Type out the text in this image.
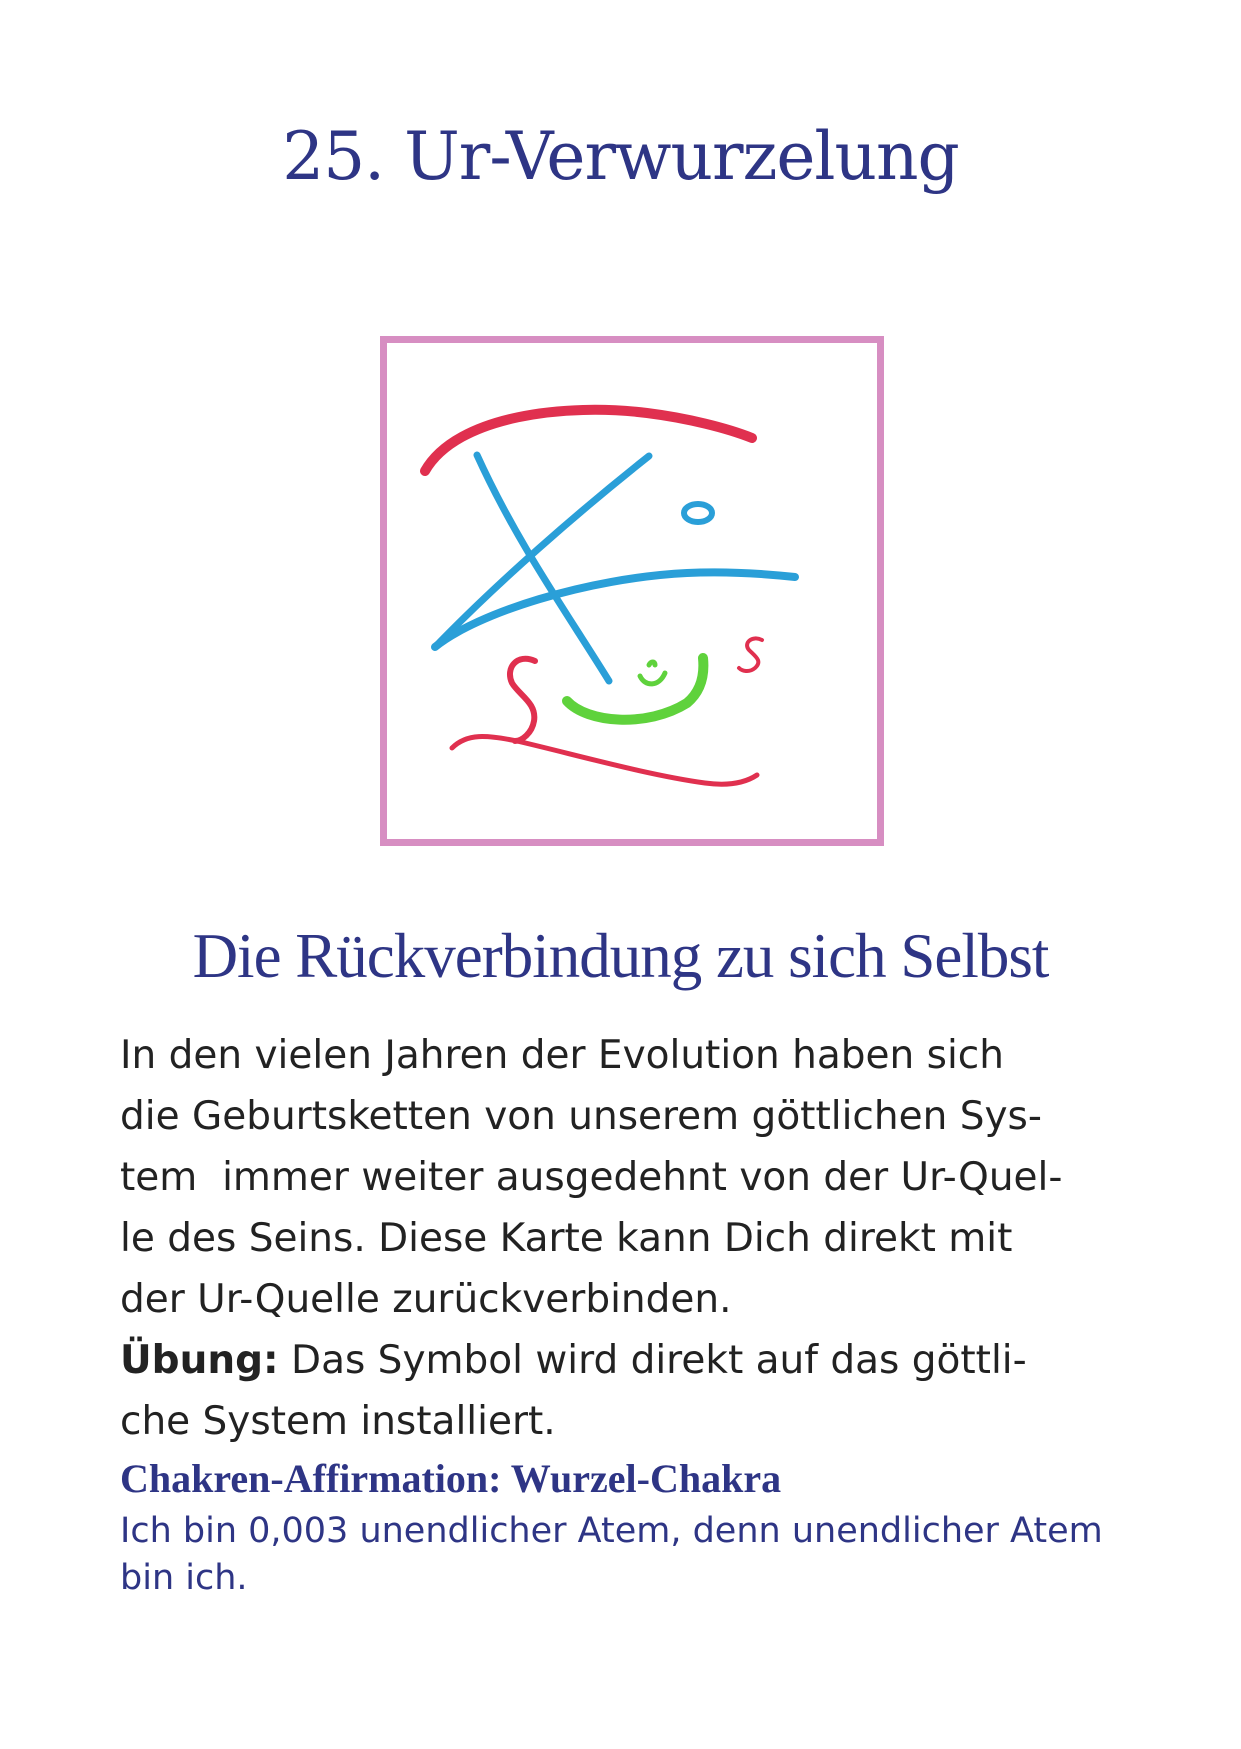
25. Ur-Verwurzelung
Die Rückverbindung zu sich Selbst
In den vielen Jahren der Evolution haben sich
die Geburtsketten von unserem göttlichen Sys-
tem  immer weiter ausgedehnt von der Ur-Quel-
le des Seins. Diese Karte kann Dich direkt mit
der Ur-Quelle zurückverbinden.
Übung: Das Symbol wird direkt auf das göttli-
che System installiert.
Chakren-Affirmation: Wurzel-Chakra
Ich bin 0,003 unendlicher Atem, denn unendlicher Atem
bin ich.
